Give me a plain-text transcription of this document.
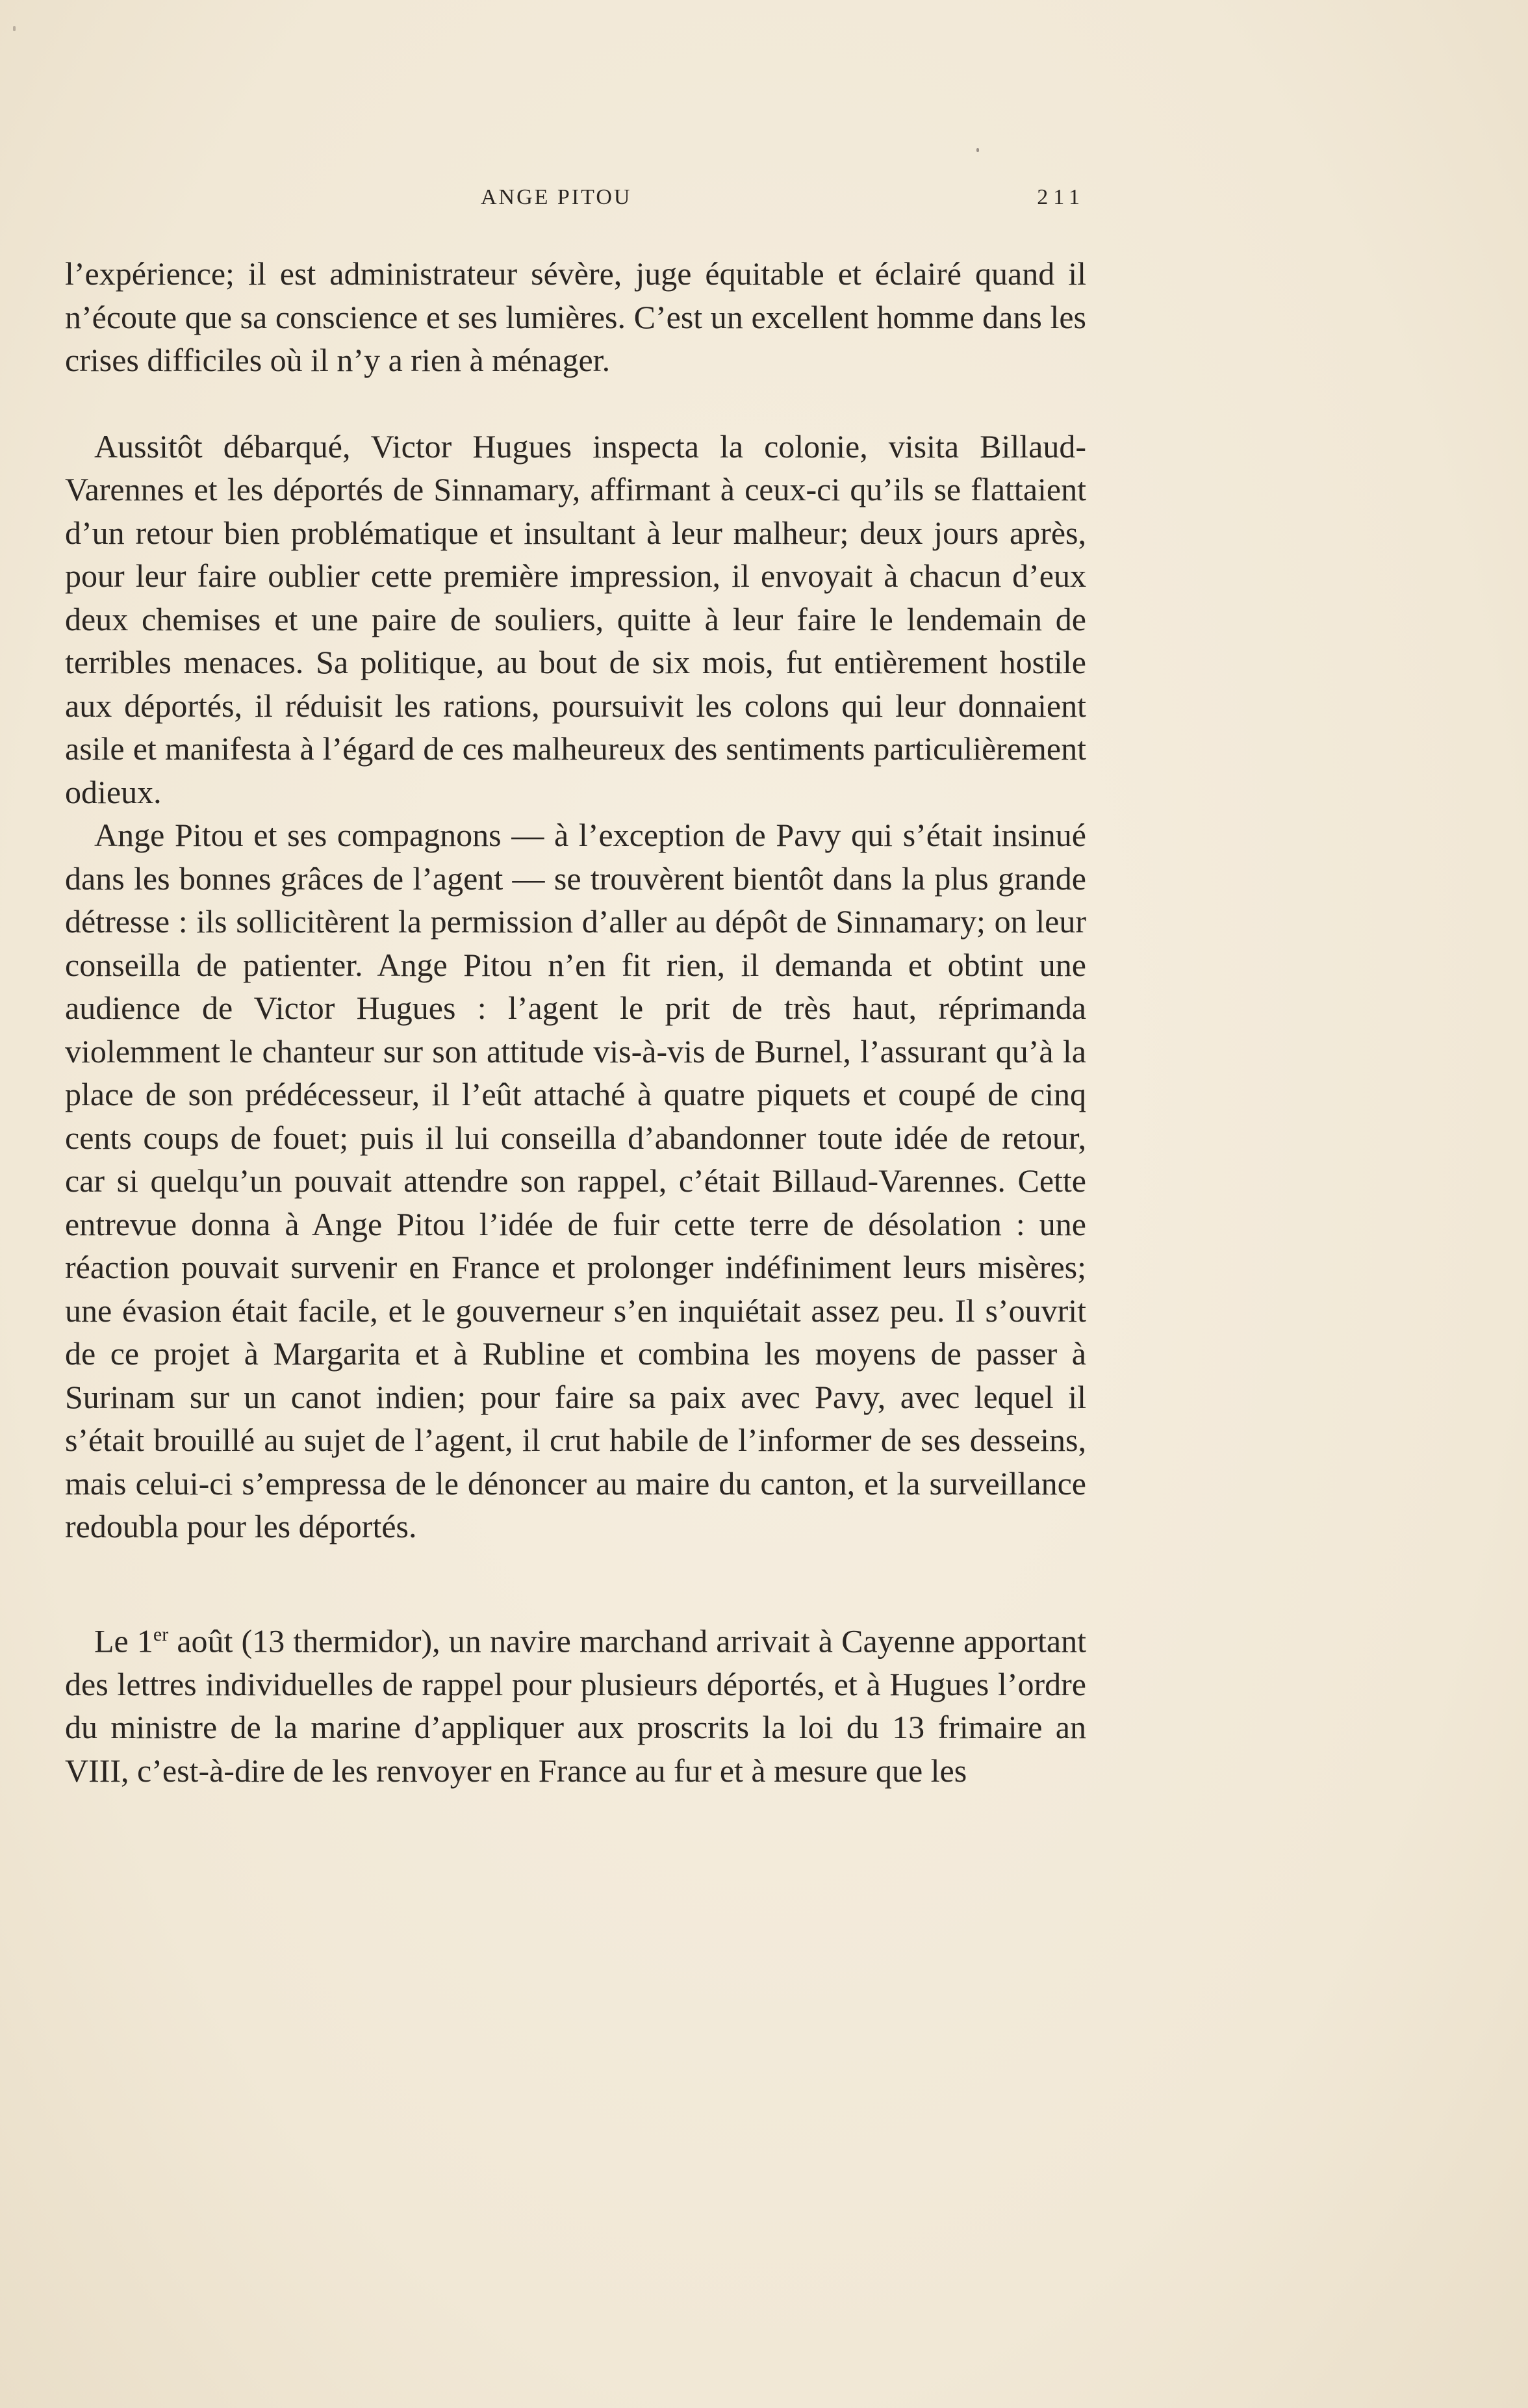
ANGE PITOU	211

l’expérience; il est administrateur sévère, juge équitable et éclairé quand il n’écoute que sa conscience et ses lumières. C’est un excellent homme dans les crises difficiles où il n’y a rien à ménager.

Aussitôt débarqué, Victor Hugues inspecta la colonie, visita Billaud-Varennes et les déportés de Sinnamary, affirmant à ceux-ci qu’ils se flattaient d’un retour bien problématique et insultant à leur malheur; deux jours après, pour leur faire oublier cette première impression, il envoyait à chacun d’eux deux chemises et une paire de souliers, quitte à leur faire le lendemain de terribles menaces. Sa politique, au bout de six mois, fut entièrement hostile aux déportés, il réduisit les rations, poursuivit les colons qui leur donnaient asile et manifesta à l’égard de ces malheureux des sentiments particulièrement odieux.

Ange Pitou et ses compagnons — à l’exception de Pavy qui s’était insinué dans les bonnes grâces de l’agent — se trouvèrent bientôt dans la plus grande détresse : ils sollicitèrent la permission d’aller au dépôt de Sinnamary; on leur conseilla de patienter. Ange Pitou n’en fit rien, il demanda et obtint une audience de Victor Hugues : l’agent le prit de très haut, réprimanda violemment le chanteur sur son attitude vis-à-vis de Burnel, l’assurant qu’à la place de son prédécesseur, il l’eût attaché à quatre piquets et coupé de cinq cents coups de fouet; puis il lui conseilla d’abandonner toute idée de retour, car si quelqu’un pouvait attendre son rappel, c’était Billaud-Varennes. Cette entrevue donna à Ange Pitou l’idée de fuir cette terre de désolation : une réaction pouvait survenir en France et prolonger indéfiniment leurs misères; une évasion était facile, et le gouverneur s’en inquiétait assez peu. Il s’ouvrit de ce projet à Margarita et à Rubline et combina les moyens de passer à Surinam sur un canot indien; pour faire sa paix avec Pavy, avec lequel il s’était brouillé au sujet de l’agent, il crut habile de l’informer de ses desseins, mais celui-ci s’empressa de le dénoncer au maire du canton, et la surveillance redoubla pour les déportés.

Le 1er août (13 thermidor), un navire marchand arrivait à Cayenne apportant des lettres individuelles de rappel pour plusieurs déportés, et à Hugues l’ordre du ministre de la marine d’appliquer aux proscrits la loi du 13 frimaire an VIII, c’est-à-dire de les renvoyer en France au fur et à mesure que les
